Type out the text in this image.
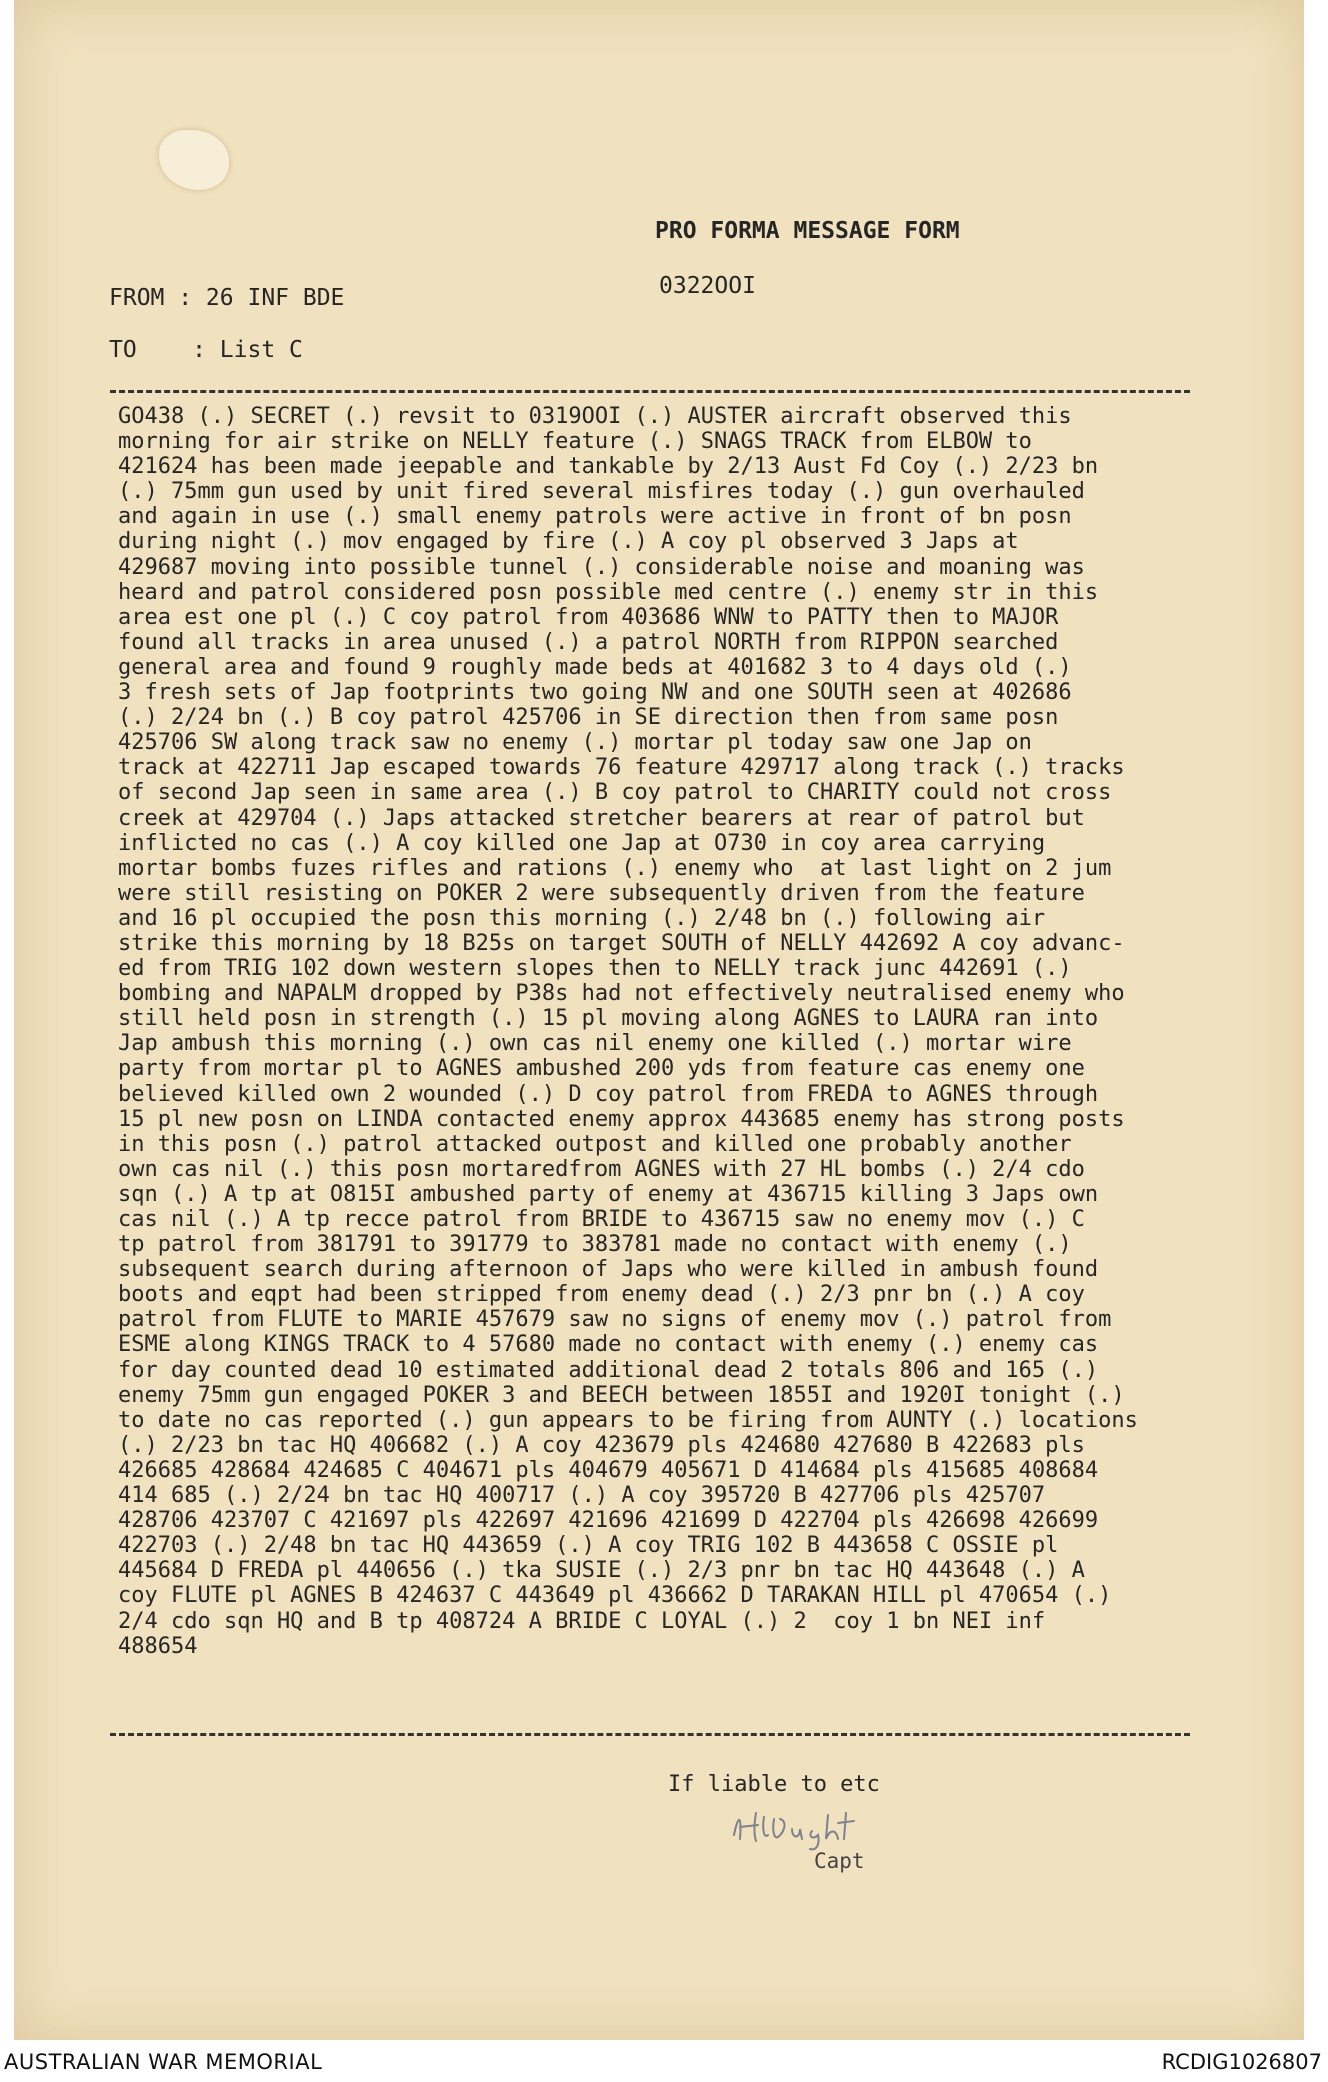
PRO FORMA MESSAGE FORM
0322OOI
FROM : 26 INF BDE
TO    : List C
GO438 (.) SECRET (.) revsit to 0319OOI (.) AUSTER aircraft observed this
morning for air strike on NELLY feature (.) SNAGS TRACK from ELBOW to
421624 has been made jeepable and tankable by 2/13 Aust Fd Coy (.) 2/23 bn
(.) 75mm gun used by unit fired several misfires today (.) gun overhauled
and again in use (.) small enemy patrols were active in front of bn posn
during night (.) mov engaged by fire (.) A coy pl observed 3 Japs at
429687 moving into possible tunnel (.) considerable noise and moaning was
heard and patrol considered posn possible med centre (.) enemy str in this
area est one pl (.) C coy patrol from 403686 WNW to PATTY then to MAJOR
found all tracks in area unused (.) a patrol NORTH from RIPPON searched
general area and found 9 roughly made beds at 401682 3 to 4 days old (.)
3 fresh sets of Jap footprints two going NW and one SOUTH seen at 402686
(.) 2/24 bn (.) B coy patrol 425706 in SE direction then from same posn
425706 SW along track saw no enemy (.) mortar pl today saw one Jap on
track at 422711 Jap escaped towards 76 feature 429717 along track (.) tracks
of second Jap seen in same area (.) B coy patrol to CHARITY could not cross
creek at 429704 (.) Japs attacked stretcher bearers at rear of patrol but
inflicted no cas (.) A coy killed one Jap at O730 in coy area carrying
mortar bombs fuzes rifles and rations (.) enemy who  at last light on 2 jum
were still resisting on POKER 2 were subsequently driven from the feature
and 16 pl occupied the posn this morning (.) 2/48 bn (.) following air
strike this morning by 18 B25s on target SOUTH of NELLY 442692 A coy advanc-
ed from TRIG 102 down western slopes then to NELLY track junc 442691 (.)
bombing and NAPALM dropped by P38s had not effectively neutralised enemy who
still held posn in strength (.) 15 pl moving along AGNES to LAURA ran into
Jap ambush this morning (.) own cas nil enemy one killed (.) mortar wire
party from mortar pl to AGNES ambushed 200 yds from feature cas enemy one
believed killed own 2 wounded (.) D coy patrol from FREDA to AGNES through
15 pl new posn on LINDA contacted enemy approx 443685 enemy has strong posts
in this posn (.) patrol attacked outpost and killed one probably another
own cas nil (.) this posn mortaredfrom AGNES with 27 HL bombs (.) 2/4 cdo
sqn (.) A tp at O815I ambushed party of enemy at 436715 killing 3 Japs own
cas nil (.) A tp recce patrol from BRIDE to 436715 saw no enemy mov (.) C
tp patrol from 381791 to 391779 to 383781 made no contact with enemy (.)
subsequent search during afternoon of Japs who were killed in ambush found
boots and eqpt had been stripped from enemy dead (.) 2/3 pnr bn (.) A coy
patrol from FLUTE to MARIE 457679 saw no signs of enemy mov (.) patrol from
ESME along KINGS TRACK to 4 57680 made no contact with enemy (.) enemy cas
for day counted dead 10 estimated additional dead 2 totals 806 and 165 (.)
enemy 75mm gun engaged POKER 3 and BEECH between 1855I and 1920I tonight (.)
to date no cas reported (.) gun appears to be firing from AUNTY (.) locations
(.) 2/23 bn tac HQ 406682 (.) A coy 423679 pls 424680 427680 B 422683 pls
426685 428684 424685 C 404671 pls 404679 405671 D 414684 pls 415685 408684
414 685 (.) 2/24 bn tac HQ 400717 (.) A coy 395720 B 427706 pls 425707
428706 423707 C 421697 pls 422697 421696 421699 D 422704 pls 426698 426699
422703 (.) 2/48 bn tac HQ 443659 (.) A coy TRIG 102 B 443658 C OSSIE pl
445684 D FREDA pl 440656 (.) tka SUSIE (.) 2/3 pnr bn tac HQ 443648 (.) A
coy FLUTE pl AGNES B 424637 C 443649 pl 436662 D TARAKAN HILL pl 470654 (.)
2/4 cdo sqn HQ and B tp 408724 A BRIDE C LOYAL (.) 2  coy 1 bn NEI inf
488654
If liable to etc
Capt
AUSTRALIAN WAR MEMORIAL	RCDIG1026807
